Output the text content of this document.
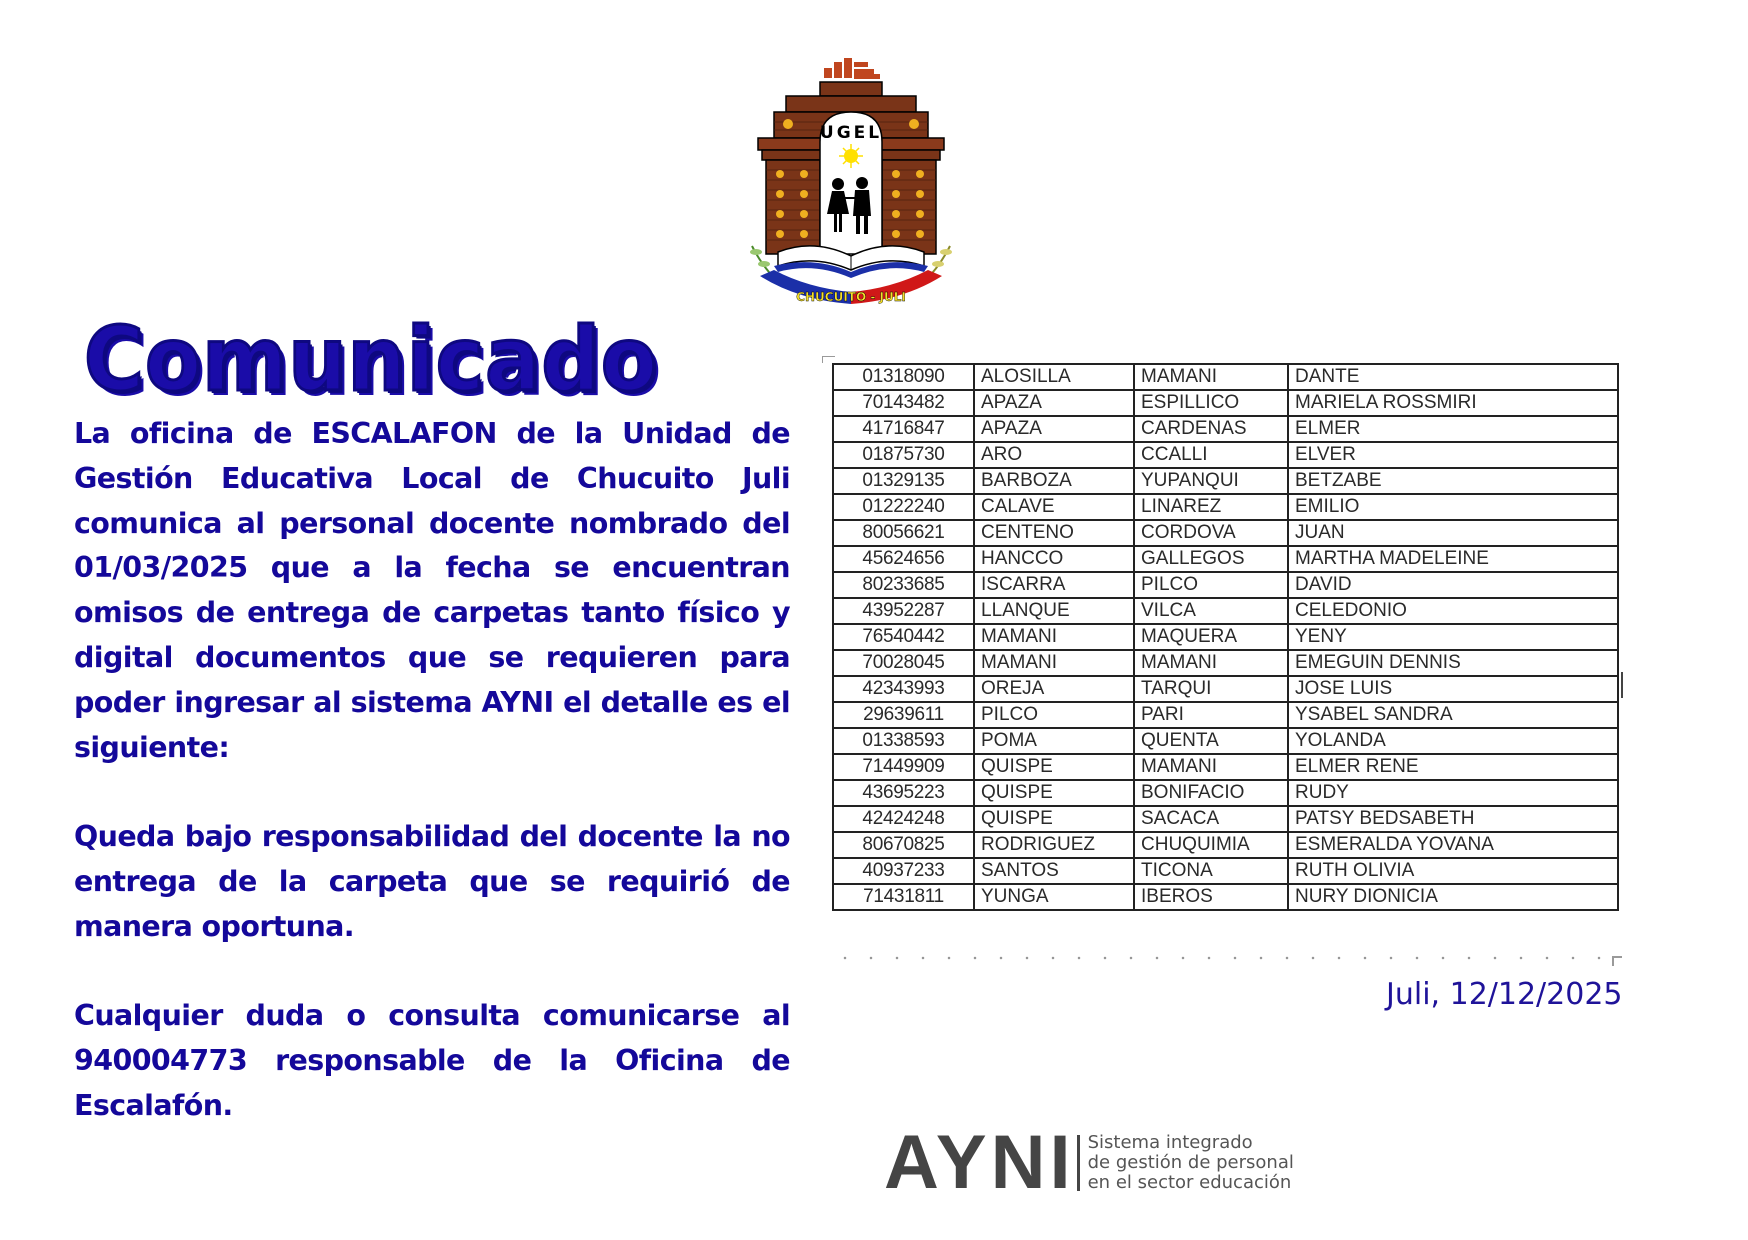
UGEL
CHUCUITO - JULI
Comunicado

La oficina de ESCALAFON de la Unidad de Gestión Educativa Local de Chucuito Juli comunica al personal docente nombrado del 01/03/2025 que a la fecha se encuentran omisos de entrega de carpetas tanto físico y digital documentos que se requieren para poder ingresar al sistema AYNI el detalle es el siguiente:

Queda bajo responsabilidad del docente la no entrega de la carpeta que se requirió de manera oportuna.

Cualquier duda o consulta comunicarse al 940004773 responsable de la Oficina de Escalafón.

01318090	ALOSILLA	MAMANI	DANTE
70143482	APAZA	ESPILLICO	MARIELA ROSSMIRI
41716847	APAZA	CARDENAS	ELMER
01875730	ARO	CCALLI	ELVER
01329135	BARBOZA	YUPANQUI	BETZABE
01222240	CALAVE	LINAREZ	EMILIO
80056621	CENTENO	CORDOVA	JUAN
45624656	HANCCO	GALLEGOS	MARTHA MADELEINE
80233685	ISCARRA	PILCO	DAVID
43952287	LLANQUE	VILCA	CELEDONIO
76540442	MAMANI	MAQUERA	YENY
70028045	MAMANI	MAMANI	EMEGUIN DENNIS
42343993	OREJA	TARQUI	JOSE LUIS
29639611	PILCO	PARI	YSABEL SANDRA
01338593	POMA	QUENTA	YOLANDA
71449909	QUISPE	MAMANI	ELMER RENE
43695223	QUISPE	BONIFACIO	RUDY
42424248	QUISPE	SACACA	PATSY BEDSABETH
80670825	RODRIGUEZ	CHUQUIMIA	ESMERALDA YOVANA
40937233	SANTOS	TICONA	RUTH OLIVIA
71431811	YUNGA	IBEROS	NURY DIONICIA
Juli, 12/12/2025
AYNI Sistema integrado
de gestión de personal
en el sector educación
